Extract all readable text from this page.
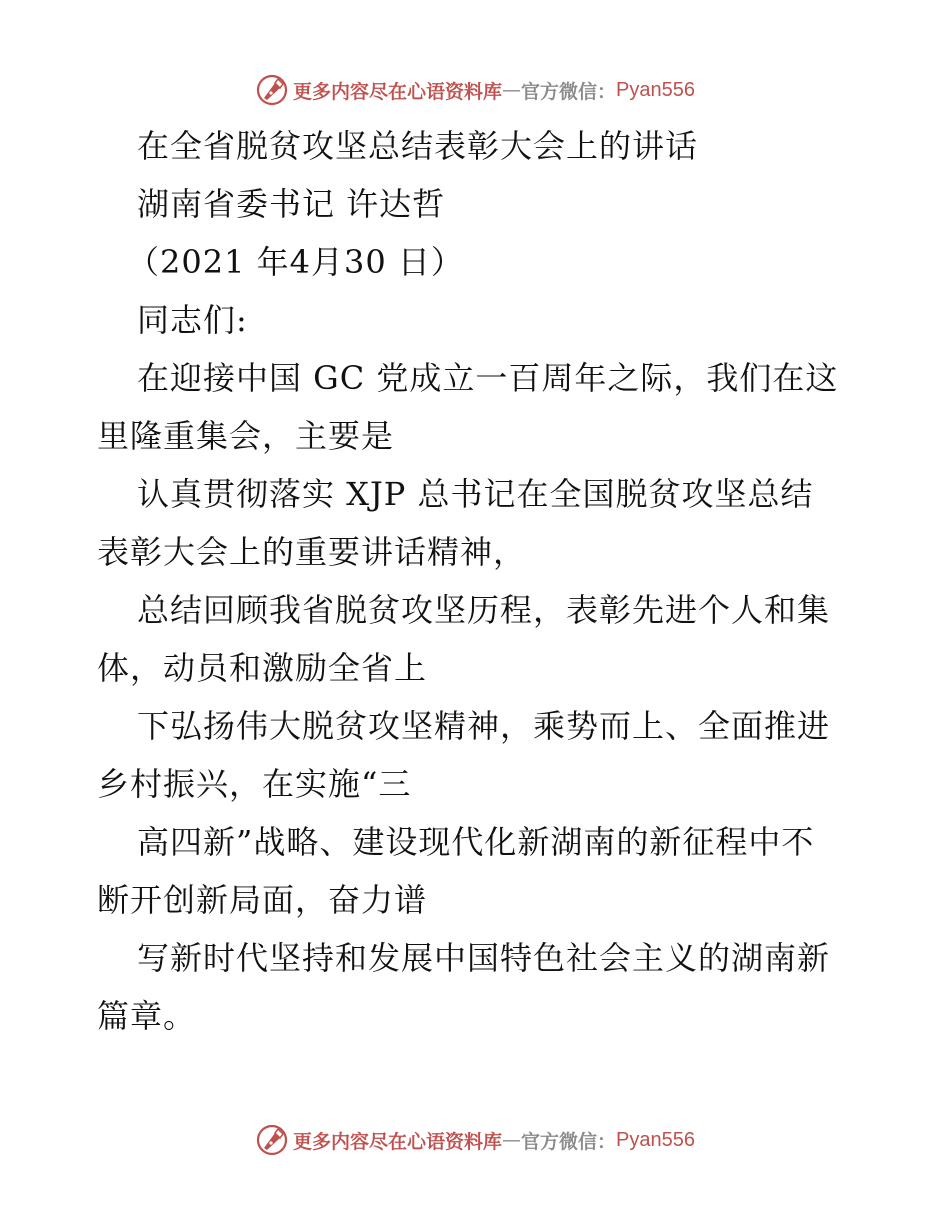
更多内容尽在心语资料库 — 官方微信： Pyan556
在全省脱贫攻坚总结表彰大会上的讲话
湖南省委书记 许达哲
（2021 年4月30 日）
同志们:
在迎接中国 GC 党成立一百周年之际，我们在这
里隆重集会，主要是
认真贯彻落实 XJP 总书记在全国脱贫攻坚总结
表彰大会上的重要讲话精神，
总结回顾我省脱贫攻坚历程，表彰先进个人和集
体，动员和激励全省上
下弘扬伟大脱贫攻坚精神，乘势而上、全面推进
乡村振兴，在实施“三
高四新”战略、建设现代化新湖南的新征程中不
断开创新局面，奋力谱
写新时代坚持和发展中国特色社会主义的湖南新
篇章。
更多内容尽在心语资料库 — 官方微信： Pyan556
